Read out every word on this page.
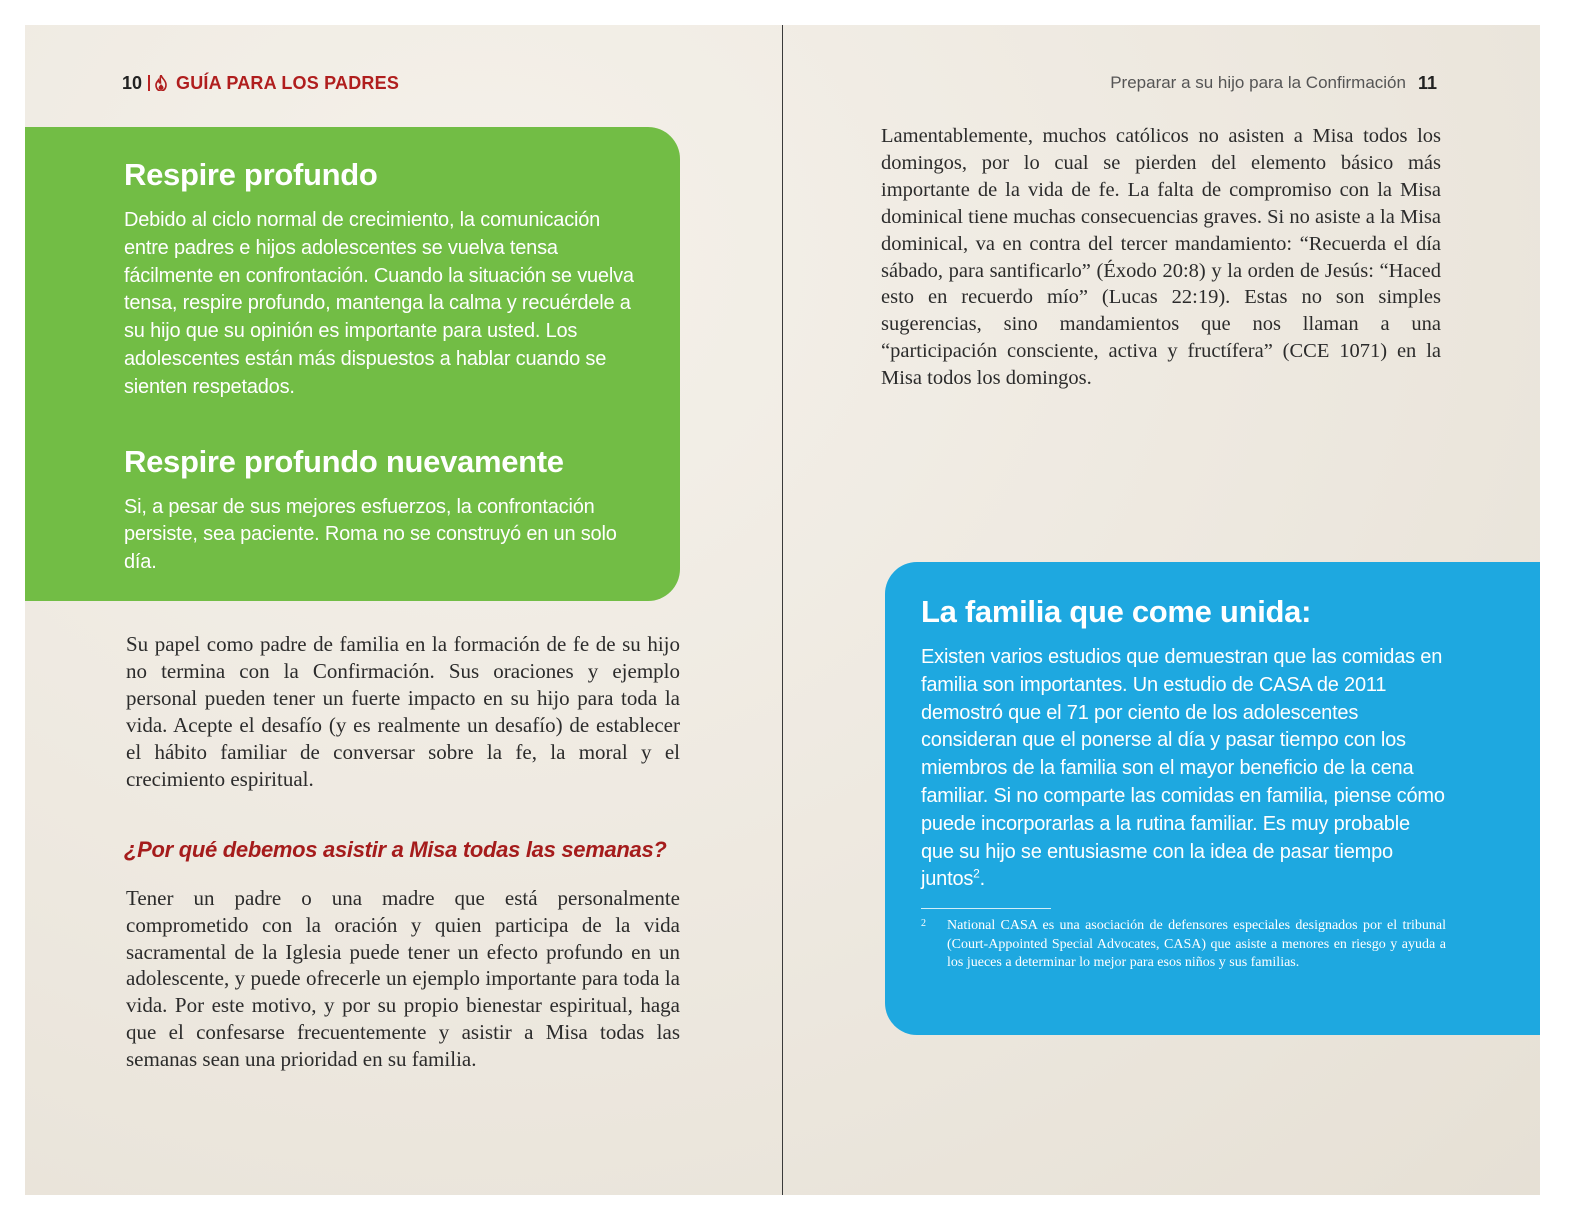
10 GUÍA PARA LOS PADRES	Preparar a su hijo para la Confirmación 11
Respire profundo

Debido al ciclo normal de crecimiento, la comunicación entre padres e hijos adolescentes se vuelva tensa fácilmente en confrontación. Cuando la situación se vuelva tensa, respire profundo, mantenga la calma y recuérdele a su hijo que su opinión es importante para usted. Los adolescentes están más dispuestos a hablar cuando se sienten respetados.

Respire profundo nuevamente

Si, a pesar de sus mejores esfuerzos, la confrontación persiste, sea paciente. Roma no se construyó en un solo día.

Su papel como padre de familia en la formación de fe de su hijo no termina con la Confirmación. Sus oraciones y ejemplo personal pueden tener un fuerte impacto en su hijo para toda la vida. Acepte el desafío (y es realmente un desafío) de establecer el hábito familiar de conversar sobre la fe, la moral y el crecimiento espiritual.
¿Por qué debemos asistir a Misa todas las semanas?
Tener un padre o una madre que está personalmente comprometido con la oración y quien participa de la vida sacramental de la Iglesia puede tener un efecto profundo en un adolescente, y puede ofrecerle un ejemplo importante para toda la vida. Por este motivo, y por su propio bienestar espiritual, haga que el confesarse frecuentemente y asistir a Misa todas las semanas sean una prioridad en su familia.
Lamentablemente, muchos católicos no asisten a Misa todos los domingos, por lo cual se pierden del elemento básico más importante de la vida de fe. La falta de compromiso con la Misa dominical tiene muchas consecuencias graves. Si no asiste a la Misa dominical, va en contra del tercer mandamiento: “Recuerda el día sábado, para santificarlo” (Éxodo 20:8) y la orden de Jesús: “Haced esto en recuerdo mío” (Lucas 22:19). Estas no son simples sugerencias, sino mandamientos que nos llaman a una “participación consciente, activa y fructífera” (CCE 1071) en la Misa todos los domingos.
La familia que come unida:

Existen varios estudios que demuestran que las comidas en familia son importantes. Un estudio de CASA de 2011 demostró que el 71 por ciento de los adolescentes consideran que el ponerse al día y pasar tiempo con los miembros de la familia son el mayor beneficio de la cena familiar. Si no comparte las comidas en familia, piense cómo puede incorporarlas a la rutina familiar. Es muy probable que su hijo se entusiasme con la idea de pasar tiempo juntos$^2$.

2	National CASA es una asociación de defensores especiales designados por el tribunal (Court-Appointed Special Advocates, CASA) que asiste a menores en riesgo y ayuda a los jueces a determinar lo mejor para esos niños y sus familias.
